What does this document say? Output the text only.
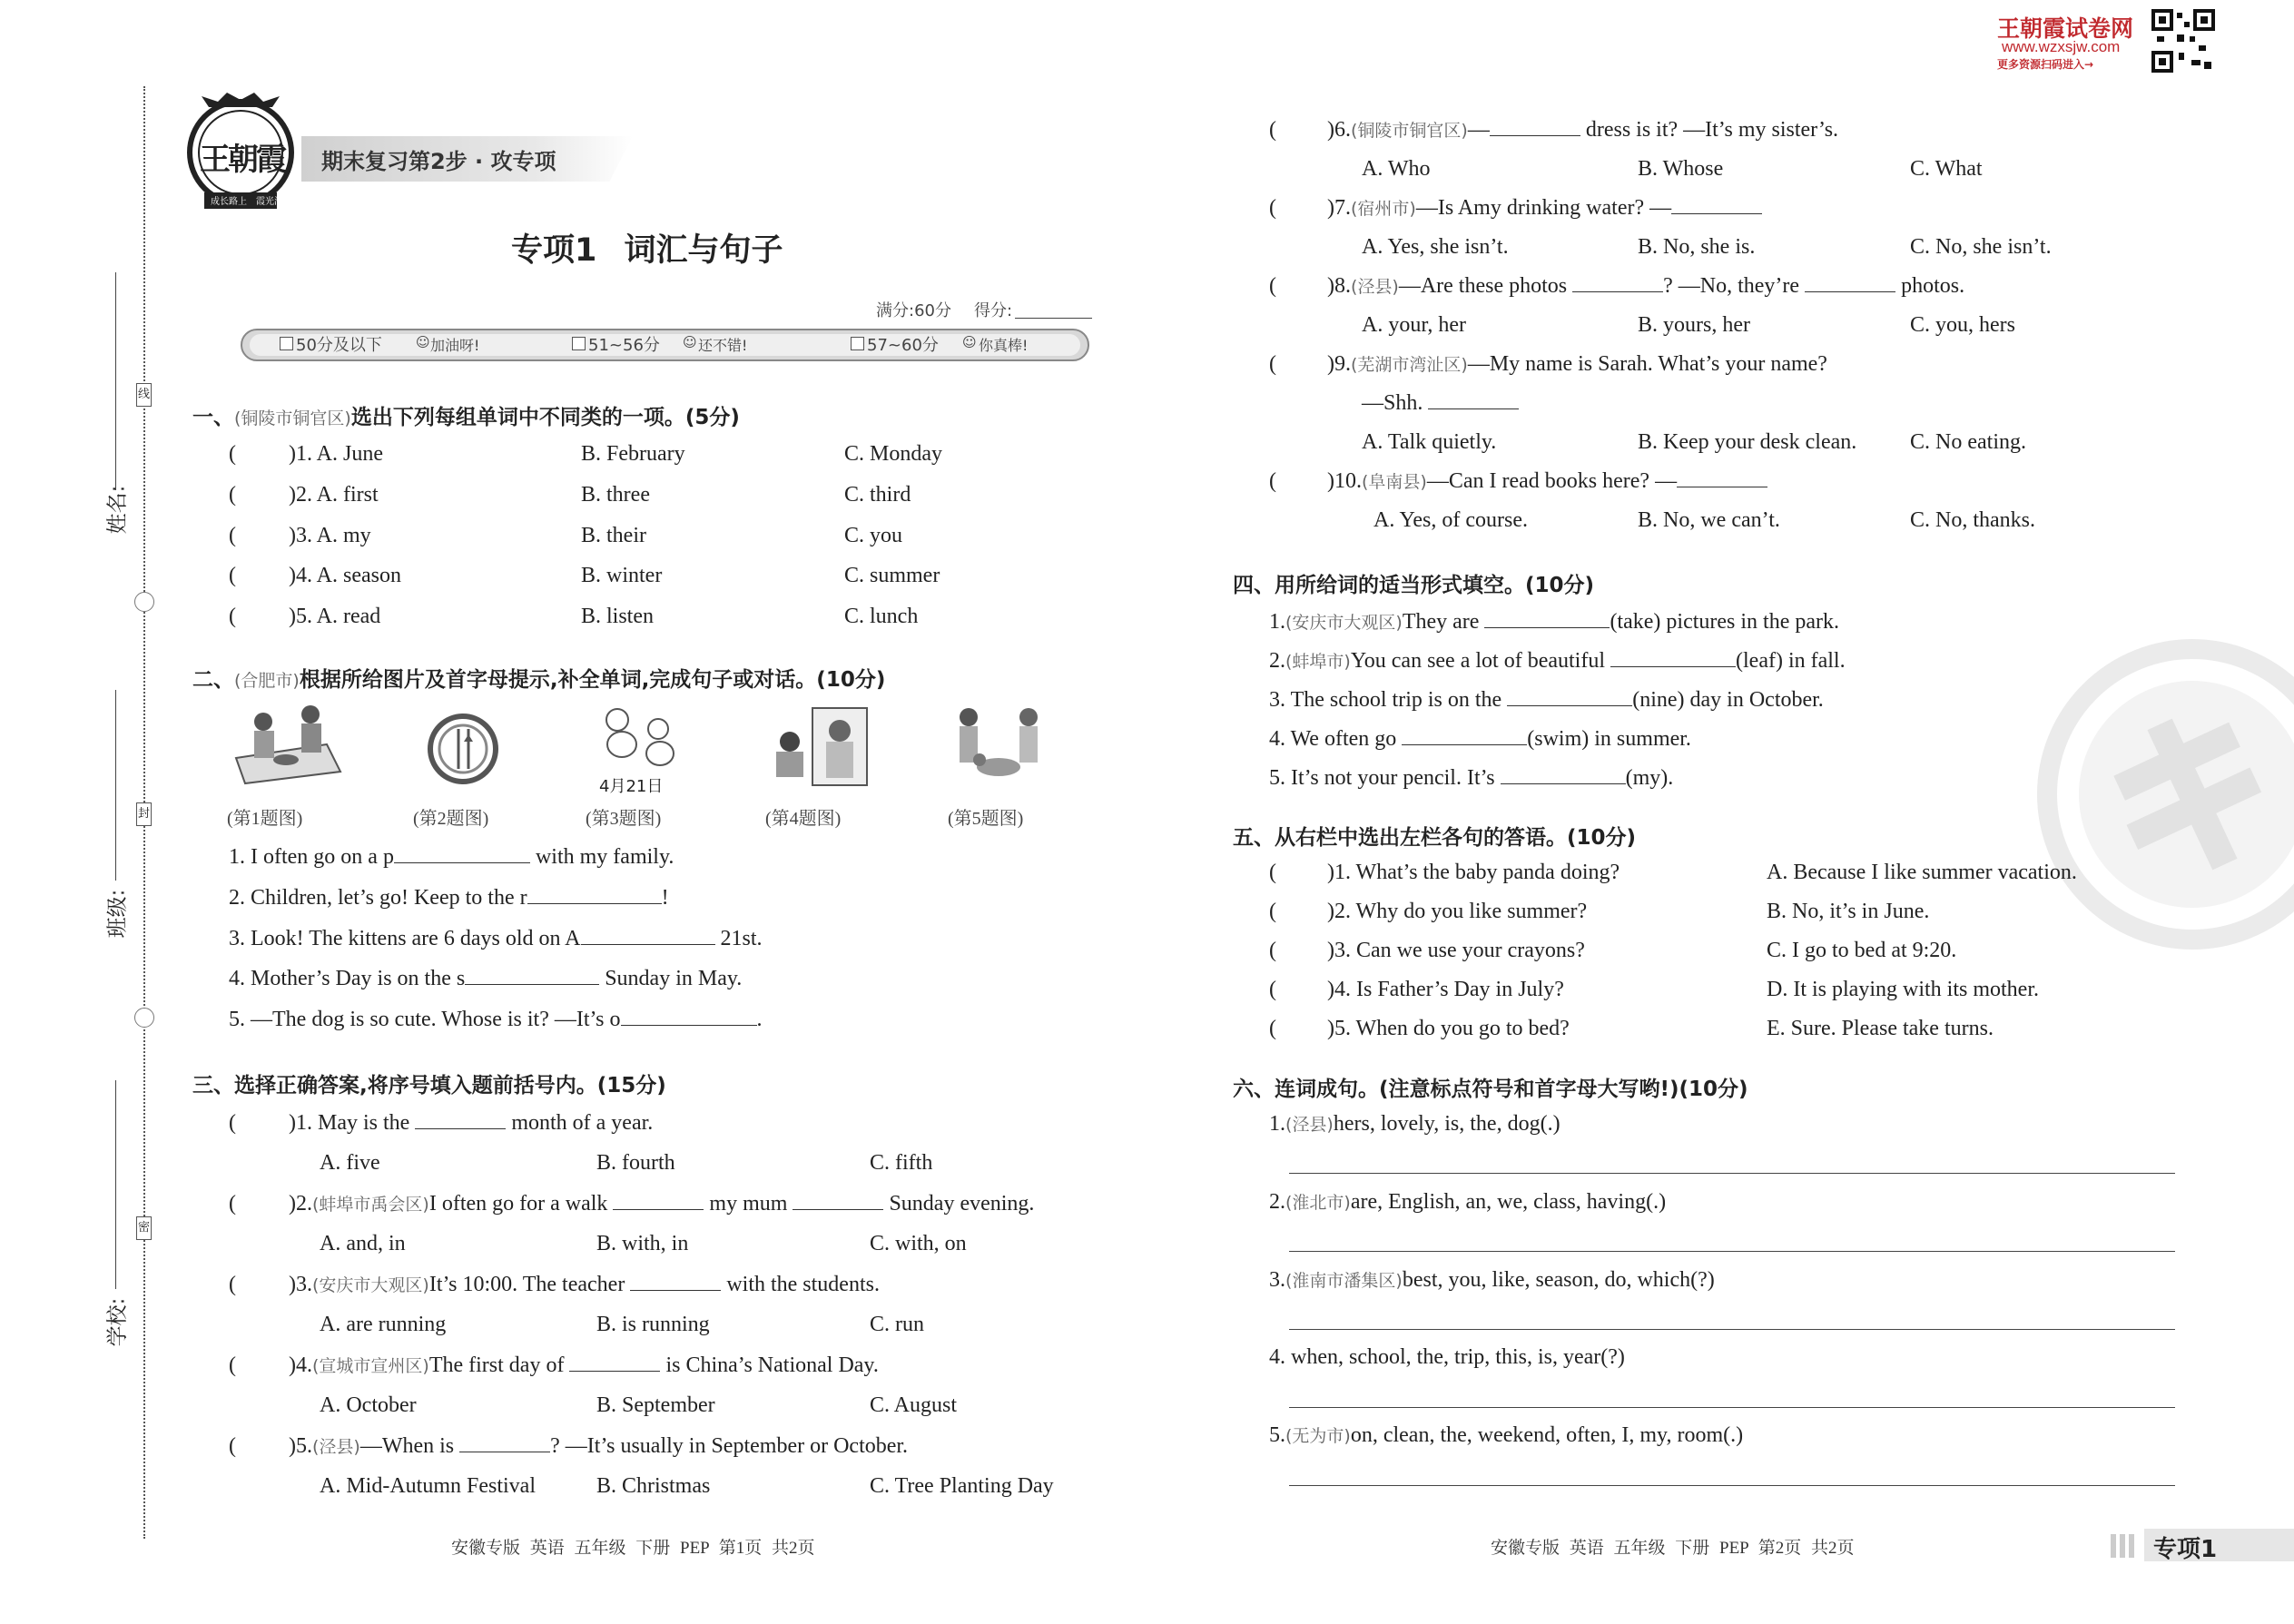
线
封
密
姓名:
班级:
学校:
王朝霞
成长路上 霞光满天
期末复习第2步 · 攻专项
专项1 词汇与句子
满分:60分 得分:
50分及以下 ☺ 加油呀!	51~56分 ☺ 还不错!	57~60分 ☺ 你真棒!
一、(铜陵市铜官区)选出下列每组单词中不同类的一项。(5分)
( )1. A. June	B. February	C. Monday
( )2. A. first	B. three	C. third
( )3. A. my	B. their	C. you
( )4. A. season	B. winter	C. summer
( )5. A. read	B. listen	C. lunch
二、(合肥市)根据所给图片及首字母提示,补全单词,完成句子或对话。(10分)
4月21日
(第1题图)	(第2题图)	(第3题图)	(第4题图)	(第5题图)
1. I often go on a p	with my family.
2. Children, let’s go! Keep to the r	!
3. Look! The kittens are 6 days old on A	21st.
4. Mother’s Day is on the s	Sunday in May.
5. —The dog is so cute. Whose is it? —It’s o	.
三、选择正确答案,将序号填入题前括号内。(15分)
( )1. May is the	month of a year.
A. five	B. fourth	C. fifth
( )2.(蚌埠市禹会区)I often go for a walk	my mum	Sunday evening.
A. and, in	B. with, in	C. with, on
( )3.(安庆市大观区)It’s 10:00. The teacher	with the students.
A. are running	B. is running	C. run
( )4.(宣城市宣州区)The first day of	is China’s National Day.
A. October	B. September	C. August
( )5.(泾县)—When is	? —It’s usually in September or October.
A. Mid-Autumn Festival	B. Christmas	C. Tree Planting Day
安徽专版 英语 五年级 下册 PEP 第1页 共2页
王朝霞试卷网
www.wzxsjw.com
更多资源扫码进入→
( )6.(铜陵市铜官区)—	dress is it? —It’s my sister’s.
A. Who	B. Whose	C. What
( )7.(宿州市)—Is Amy drinking water? —
A. Yes, she isn’t.	B. No, she is.	C. No, she isn’t.
( )8.(泾县)—Are these photos	? —No, they’re	photos.
A. your, her	B. yours, her	C. you, hers
( )9.(芜湖市湾沚区)—My name is Sarah. What’s your name?
—Shh.
A. Talk quietly.	B. Keep your desk clean. C. No eating.
( )10.(阜南县)—Can I read books here? —
A. Yes, of course.	B. No, we can’t.	C. No, thanks.
四、用所给词的适当形式填空。(10分)
1.(安庆市大观区)They are	(take) pictures in the park.
2.(蚌埠市)You can see a lot of beautiful	(leaf) in fall.
3. The school trip is on the	(nine) day in October.
4. We often go	(swim) in summer.
5. It’s not your pencil. It’s	(my).
五、从右栏中选出左栏各句的答语。(10分)
( )1. What’s the baby panda doing?	A. Because I like summer vacation.
( )2. Why do you like summer?	B. No, it’s in June.
( )3. Can we use your crayons?	C. I go to bed at 9:20.
( )4. Is Father’s Day in July?	D. It is playing with its mother.
( )5. When do you go to bed?	E. Sure. Please take turns.
六、连词成句。(注意标点符号和首字母大写哟!)(10分)
1.(泾县)hers, lovely, is, the, dog(.)
2.(淮北市)are, English, an, we, class, having(.)
3.(淮南市潘集区)best, you, like, season, do, which(?)
4. when, school, the, trip, this, is, year(?)
5.(无为市)on, clean, the, weekend, often, I, my, room(.)
安徽专版 英语 五年级 下册 PEP 第2页 共2页	专项1
